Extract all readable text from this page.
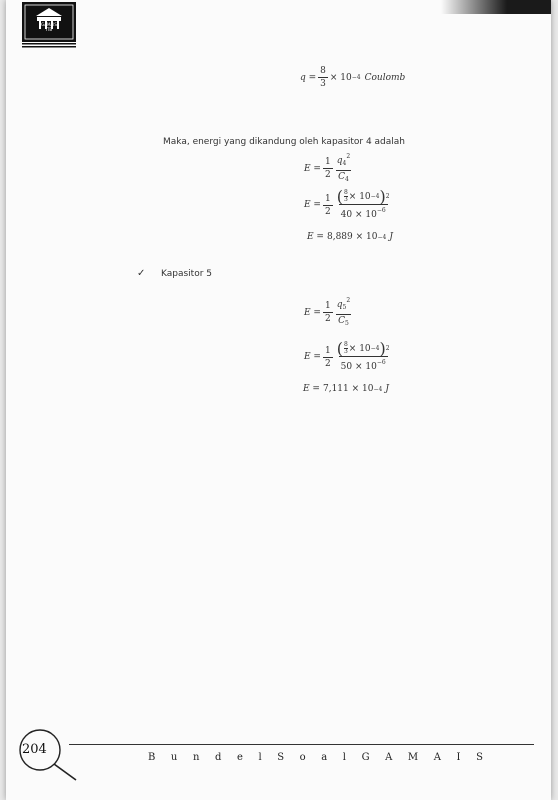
GAMAIS
ITB
$q = \frac{8}{3} \times 10 -4$ Coulomb
Maka, energi yang dikandung oleh kapasitor 4 adalah
$E = \frac{1}{2} \frac{q_4^2}{C_4}$
$E = \frac{1}{2} \frac{( \frac{8}{3} \times 10 -4 ) 2}{40 \times 10^{-6}}$
E = 8,889 × 10 −4 J
✓ Kapasitor 5
$E = \frac{1}{2} \frac{q_5^2}{C_5}$
$E = \frac{1}{2} \frac{( \frac{8}{3} \times 10 -4 ) 2}{50 \times 10^{-6}}$
E = 7,111 × 10 −4 J
204
B u n d e l S o a l G A M A I S
